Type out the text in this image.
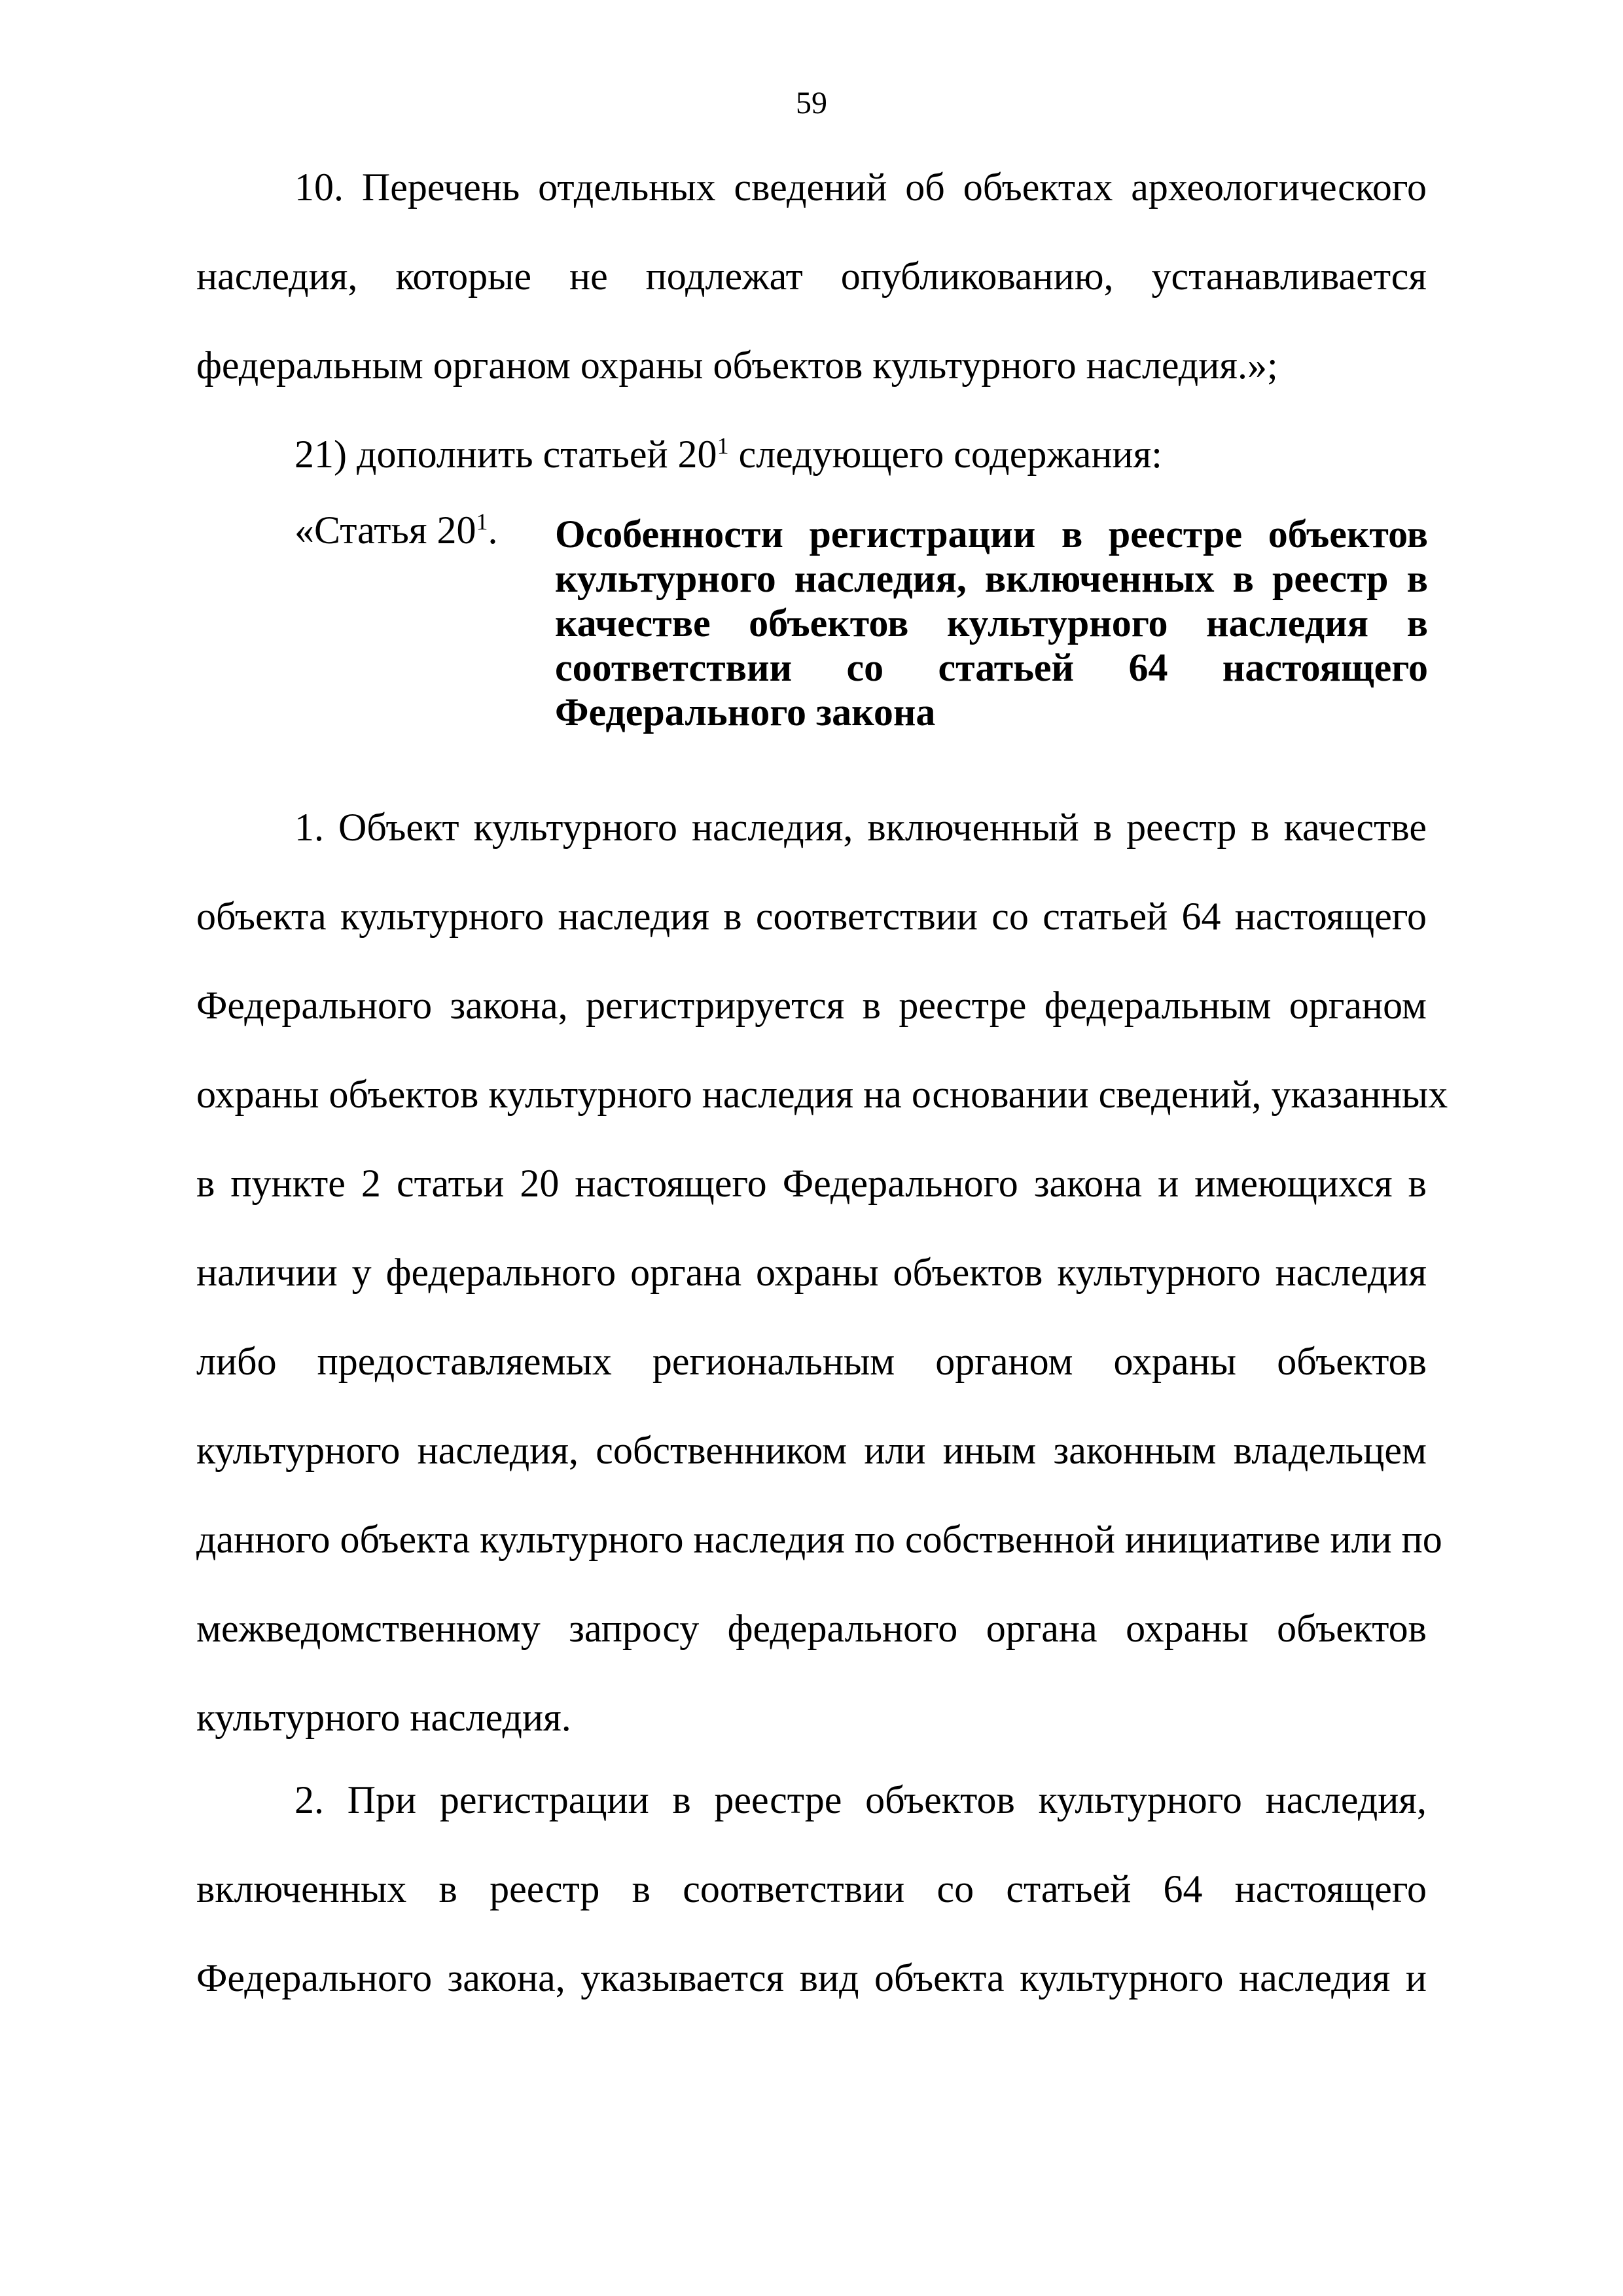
59
10. Перечень отдельных сведений об объектах археологического
наследия, которые не подлежат опубликованию, устанавливается
федеральным органом охраны объектов культурного наследия.»;
21) дополнить статьей $20^1$ следующего содержания:
«Статья $20^1$. Особенности регистрации в реестре объектов
культурного наследия, включенных в реестр в
качестве объектов культурного наследия в
соответствии со статьей 64 настоящего
Федерального закона
1. Объект культурного наследия, включенный в реестр в качестве
объекта культурного наследия в соответствии со статьей 64 настоящего
Федерального закона, регистрируется в реестре федеральным органом
охраны объектов культурного наследия на основании сведений, указанных
в пункте 2 статьи 20 настоящего Федерального закона и имеющихся в
наличии у федерального органа охраны объектов культурного наследия
либо предоставляемых региональным органом охраны объектов
культурного наследия, собственником или иным законным владельцем
данного объекта культурного наследия по собственной инициативе или по
межведомственному запросу федерального органа охраны объектов
культурного наследия.
2. При регистрации в реестре объектов культурного наследия,
включенных в реестр в соответствии со статьей 64 настоящего
Федерального закона, указывается вид объекта культурного наследия и
